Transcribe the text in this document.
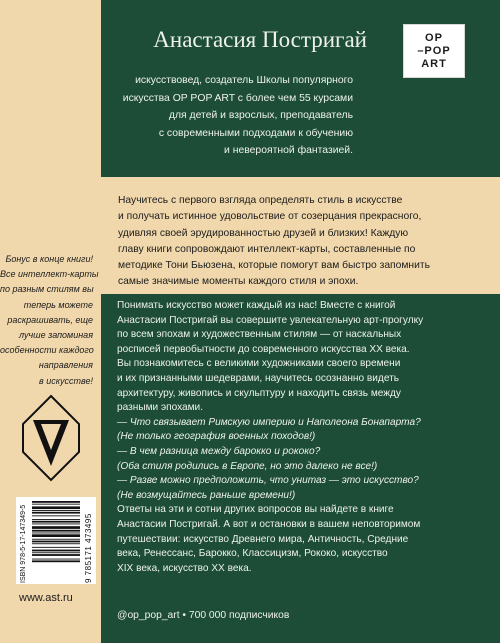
Анастасия Постригай
искусствовед, создатель Школы популярного
искусства OP POP ART с более чем 55 курсами
для детей и взрослых, преподаватель
с современными подходами к обучению
и невероятной фантазией.
OP
–POP
ART
Научитесь с первого взгляда определять стиль в искусстве
и получать истинное удовольствие от созерцания прекрасного,
удивляя своей эрудированностью друзей и близких! Каждую
главу книги сопровождают интеллект-карты, составленные по
методике Тони Бьюзена, которые помогут вам быстро запомнить
самые значимые моменты каждого стиля и эпохи.
Бонус в конце книги!
Все интеллект-карты
по разным стилям вы
теперь можете
раскрашивать, еще
лучше запоминая
особенности каждого
направления
в искусстве!
Понимать искусство может каждый из нас! Вместе с книгой
Анастасии Постригай вы совершите увлекательную арт-прогулку
по всем эпохам и художественным стилям — от наскальных
росписей первобытности до современного искусства XX века.
Вы познакомитесь с великими художниками своего времени
и их признанными шедеврами, научитесь осознанно видеть
архитектуру, живопись и скульптуру и находить связь между
разными эпохами.
— Что связывает Римскую империю и Наполеона Бонапарта?
(Не только география военных походов!)
— В чем разница между барокко и рококо?
(Оба стиля родились в Европе, но это далеко не все!)
— Разве можно предположить, что унитаз — это искусство?
(Не возмущайтесь раньше времени!)
Ответы на эти и сотни других вопросов вы найдете в книге
Анастасии Постригай. А вот и остановки в вашем неповторимом
путешествии: искусство Древнего мира, Античность, Средние
века, Ренессанс, Барокко, Классицизм, Рококо, искусство
XIX века, искусство XX века.
@op_pop_art • 700 000 подписчиков
ISBN 978-5-17-147349-5	9 785171 473495
www.ast.ru
